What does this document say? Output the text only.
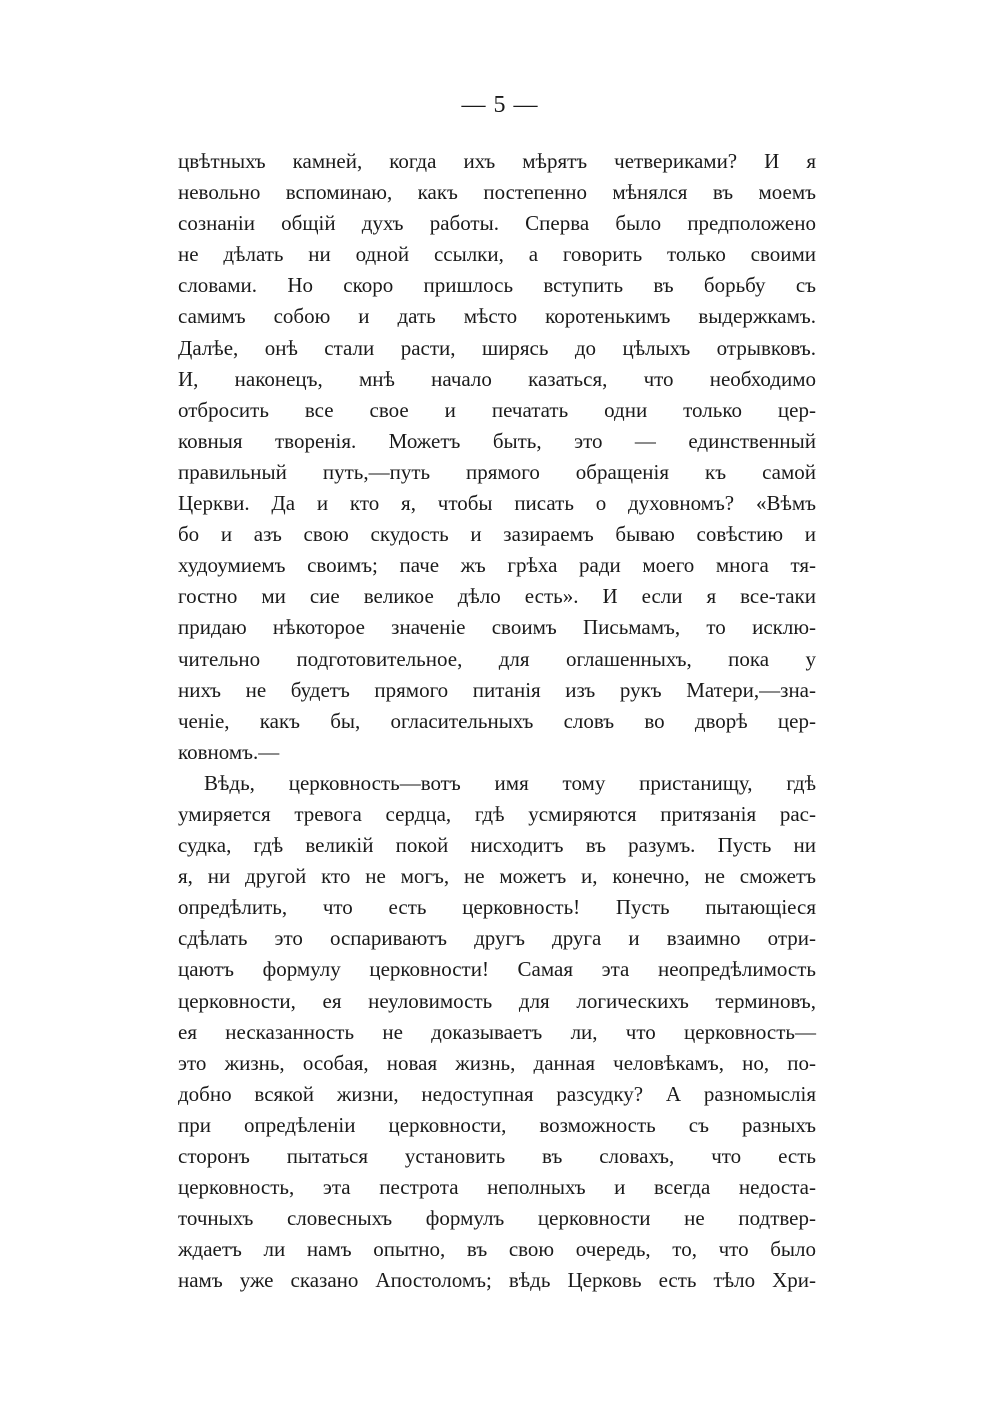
— 5 —
цвѣтныхъ камней, когда ихъ мѣрятъ четвериками? И я
невольно вспоминаю, какъ постепенно мѣнялся въ моемъ
сознанiи общiй духъ работы. Сперва было предположено
не дѣлать ни одной ссылки, а говорить только своими
словами. Но скоро пришлось вступить въ борьбу съ
самимъ собою и дать мѣсто коротенькимъ выдержкамъ.
Далѣе, онѣ стали расти, ширясь до цѣлыхъ отрывковъ.
И, наконецъ, мнѣ начало казаться, что необходимо
отбросить все свое и печатать одни только цер-
ковныя творенiя. Можетъ быть, это — единственный
правильный путь,—путь прямого обращенiя къ самой
Церкви. Да и кто я, чтобы писать о духовномъ? «Вѣмъ
бо и азъ свою скудость и зазираемъ бываю совѣстию и
худоумиемъ своимъ; паче жъ грѣха ради моего многа тя-
гостно ми сие великое дѣло есть». И если я все-таки
придаю нѣкоторое значенiе своимъ Письмамъ, то исклю-
чительно подготовительное, для оглашенныхъ, пока у
нихъ не будетъ прямого питанiя изъ рукъ Матери,—зна-
ченiе, какъ бы, огласительныхъ словъ во дворѣ цер-
ковномъ.—
Вѣдь, церковность—вотъ имя тому пристанищу, гдѣ
умиряется тревога сердца, гдѣ усмиряются притязанiя рас-
судка, гдѣ великiй покой нисходитъ въ разумъ. Пусть ни
я, ни другой кто не могъ, не можетъ и, конечно, не сможетъ
опредѣлить, что есть церковность! Пусть пытающiеся
сдѣлать это оспариваютъ другъ друга и взаимно отри-
цаютъ формулу церковности! Самая эта неопредѣлимость
церковности, ея неуловимость для логическихъ терминовъ,
ея несказанность не доказываетъ ли, что церковность—
это жизнь, особая, новая жизнь, данная человѣкамъ, но, по-
добно всякой жизни, недоступная разсудку? А разномыслiя
при опредѣленiи церковности, возможность съ разныхъ
сторонъ пытаться установить въ словахъ, что есть
церковность, эта пестрота неполныхъ и всегда недоста-
точныхъ словесныхъ формулъ церковности не подтвер-
ждаетъ ли намъ опытно, въ свою очередь, то, что было
намъ уже сказано Апостоломъ; вѣдь Церковь есть тѣло Хри-
